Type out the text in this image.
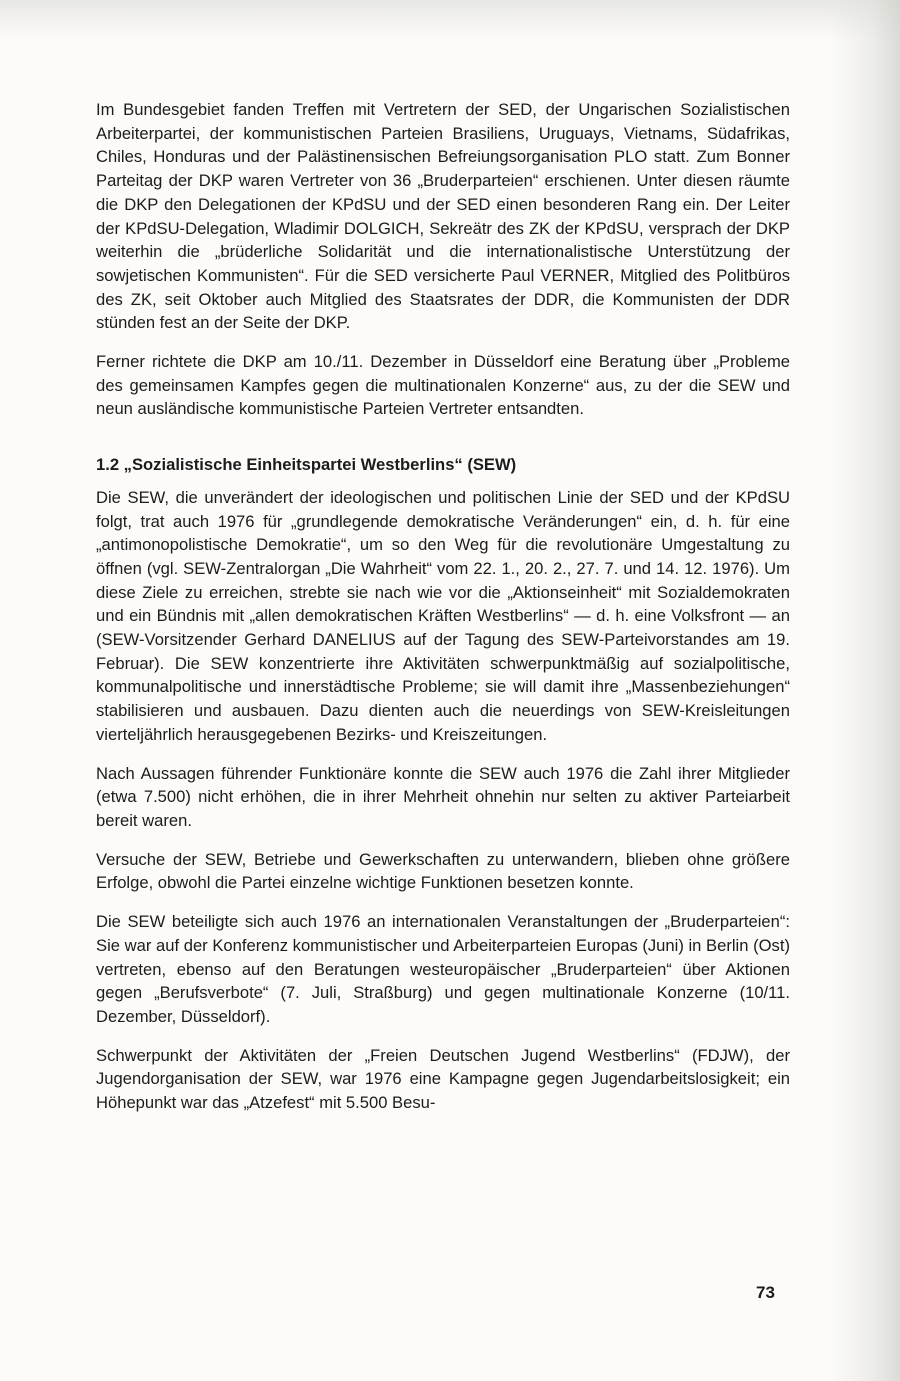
Im Bundesgebiet fanden Treffen mit Vertretern der SED, der Ungarischen Sozialistischen Arbeiterpartei, der kommunistischen Parteien Brasiliens, Uruguays, Vietnams, Südafrikas, Chiles, Honduras und der Palästinensischen Befreiungsorganisation PLO statt. Zum Bonner Parteitag der DKP waren Vertreter von 36 „Bruderparteien“ erschienen. Unter diesen räumte die DKP den Delegationen der KPdSU und der SED einen besonderen Rang ein. Der Leiter der KPdSU-Delegation, Wladimir DOLGICH, Sekreätr des ZK der KPdSU, versprach der DKP weiterhin die „brüderliche Solidarität und die internationalistische Unterstützung der sowjetischen Kommunisten“. Für die SED versicherte Paul VERNER, Mitglied des Politbüros des ZK, seit Oktober auch Mitglied des Staatsrates der DDR, die Kommunisten der DDR stünden fest an der Seite der DKP.

Ferner richtete die DKP am 10./11. Dezember in Düsseldorf eine Beratung über „Probleme des gemeinsamen Kampfes gegen die multinationalen Konzerne“ aus, zu der die SEW und neun ausländische kommunistische Parteien Vertreter entsandten.

1.2 „Sozialistische Einheitspartei Westberlins“ (SEW)

Die SEW, die unverändert der ideologischen und politischen Linie der SED und der KPdSU folgt, trat auch 1976 für „grundlegende demokratische Veränderungen“ ein, d. h. für eine „antimonopolistische Demokratie“, um so den Weg für die revolutionäre Umgestaltung zu öffnen (vgl. SEW-Zentralorgan „Die Wahrheit“ vom 22. 1., 20. 2., 27. 7. und 14. 12. 1976). Um diese Ziele zu erreichen, strebte sie nach wie vor die „Aktionseinheit“ mit Sozialdemokraten und ein Bündnis mit „allen demokratischen Kräften Westberlins“ — d. h. eine Volksfront — an (SEW-Vorsitzender Gerhard DANELIUS auf der Tagung des SEW-Parteivorstandes am 19. Februar). Die SEW konzentrierte ihre Aktivitäten schwerpunktmäßig auf sozialpolitische, kommunalpolitische und innerstädtische Probleme; sie will damit ihre „Massenbeziehungen“ stabilisieren und ausbauen. Dazu dienten auch die neuerdings von SEW-Kreisleitungen vierteljährlich herausgegebenen Bezirks- und Kreiszeitungen.

Nach Aussagen führender Funktionäre konnte die SEW auch 1976 die Zahl ihrer Mitglieder (etwa 7.500) nicht erhöhen, die in ihrer Mehrheit ohnehin nur selten zu aktiver Parteiarbeit bereit waren.

Versuche der SEW, Betriebe und Gewerkschaften zu unterwandern, blieben ohne größere Erfolge, obwohl die Partei einzelne wichtige Funktionen besetzen konnte.

Die SEW beteiligte sich auch 1976 an internationalen Veranstaltungen der „Bruderparteien“: Sie war auf der Konferenz kommunistischer und Arbeiterparteien Europas (Juni) in Berlin (Ost) vertreten, ebenso auf den Beratungen westeuropäischer „Bruderparteien“ über Aktionen gegen „Berufsverbote“ (7. Juli, Straßburg) und gegen multinationale Konzerne (10/11. Dezember, Düsseldorf).

Schwerpunkt der Aktivitäten der „Freien Deutschen Jugend Westberlins“ (FDJW), der Jugendorganisation der SEW, war 1976 eine Kampagne gegen Jugendarbeitslosigkeit; ein Höhepunkt war das „Atzefest“ mit 5.500 Besu-

73
